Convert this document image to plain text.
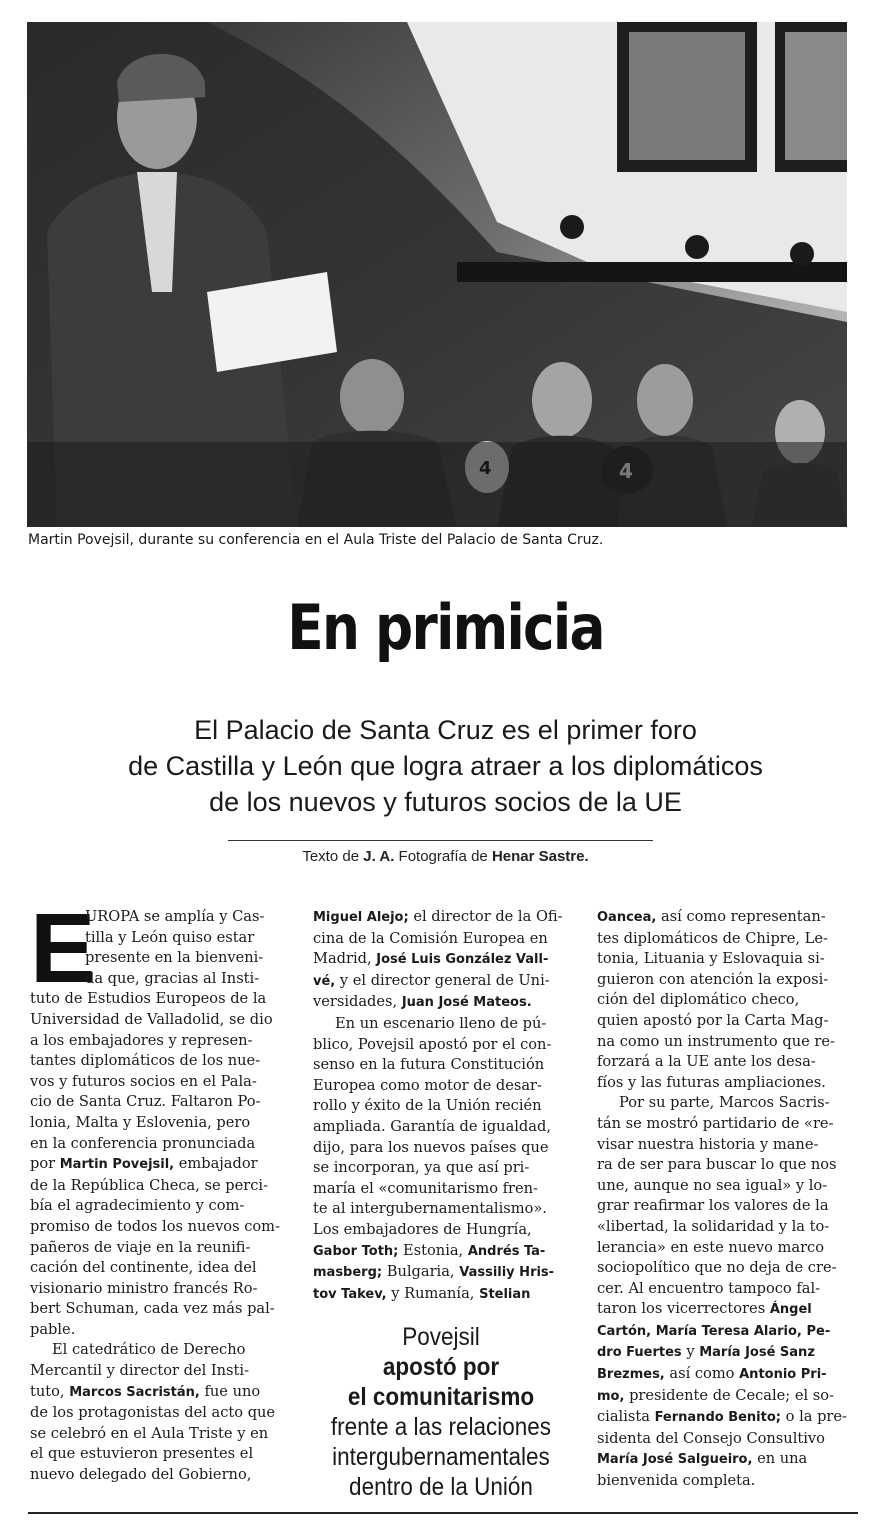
Martin Povejsil, durante su conferencia en el Aula Triste del Palacio de Santa Cruz.
En primicia
El Palacio de Santa Cruz es el primer foro
de Castilla y León que logra atraer a los diplomáticos
de los nuevos y futuros socios de la UE
Texto de J. A. Fotografía de Henar Sastre.
E
UROPA se amplía y Cas-
tilla y León quiso estar
presente en la bienveni-
da que, gracias al Insti-
tuto de Estudios Europeos de la
Universidad de Valladolid, se dio
a los embajadores y represen-
tantes diplomáticos de los nue-
vos y futuros socios en el Pala-
cio de Santa Cruz. Faltaron Po-
lonia, Malta y Eslovenia, pero
en la conferencia pronunciada
por Martin Povejsil, embajador
de la República Checa, se perci-
bía el agradecimiento y com-
promiso de todos los nuevos com-
pañeros de viaje en la reunifi-
cación del continente, idea del
visionario ministro francés Ro-
bert Schuman, cada vez más pal-
pable.
El catedrático de Derecho
Mercantil y director del Insti-
tuto, Marcos Sacristán, fue uno
de los protagonistas del acto que
se celebró en el Aula Triste y en
el que estuvieron presentes el
nuevo delegado del Gobierno,
Miguel Alejo; el director de la Ofi-
cina de la Comisión Europea en
Madrid, José Luis González Vall-
vé, y el director general de Uni-
versidades, Juan José Mateos.
En un escenario lleno de pú-
blico, Povejsil apostó por el con-
senso en la futura Constitución
Europea como motor de desar-
rollo y éxito de la Unión recién
ampliada. Garantía de igualdad,
dijo, para los nuevos países que
se incorporan, ya que así pri-
maría el «comunitarismo fren-
te al intergubernamentalismo».
Los embajadores de Hungría,
Gabor Toth; Estonia, Andrés Ta-
masberg; Bulgaria, Vassiliy Hris-
tov Takev, y Rumanía, Stelian
Povejsil
apostó por
el comunitarismo
frente a las relaciones
intergubernamentales
dentro de la Unión
Oancea, así como representan-
tes diplomáticos de Chipre, Le-
tonia, Lituania y Eslovaquia si-
guieron con atención la exposi-
ción del diplomático checo,
quien apostó por la Carta Mag-
na como un instrumento que re-
forzará a la UE ante los desa-
fíos y las futuras ampliaciones.
Por su parte, Marcos Sacris-
tán se mostró partidario de «re-
visar nuestra historia y mane-
ra de ser para buscar lo que nos
une, aunque no sea igual» y lo-
grar reafirmar los valores de la
«libertad, la solidaridad y la to-
lerancia» en este nuevo marco
sociopolítico que no deja de cre-
cer. Al encuentro tampoco fal-
taron los vicerrectores Ángel
Cartón, María Teresa Alario, Pe-
dro Fuertes y María José Sanz
Brezmes, así como Antonio Pri-
mo, presidente de Cecale; el so-
cialista Fernando Benito; o la pre-
sidenta del Consejo Consultivo
María José Salgueiro, en una
bienvenida completa.
